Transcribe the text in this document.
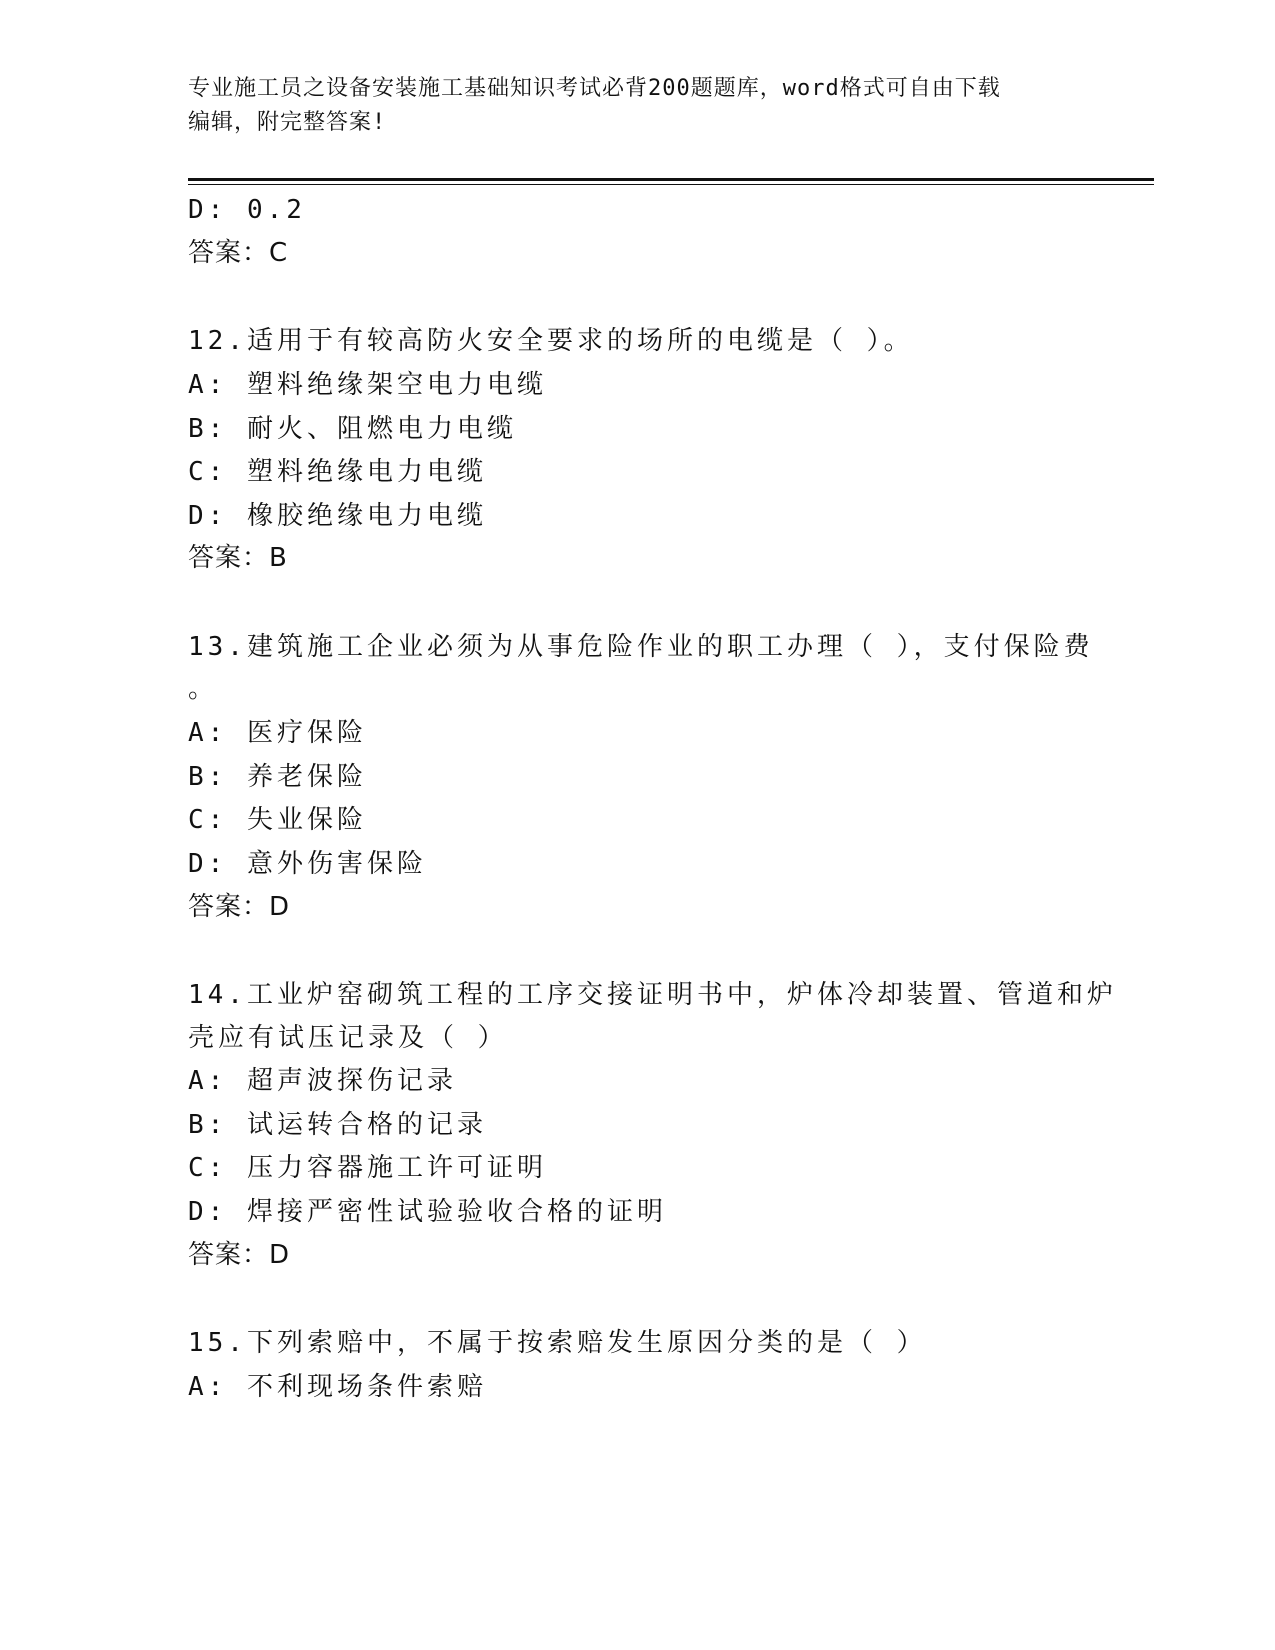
专业施工员之设备安装施工基础知识考试必背200题题库，word格式可自由下载
编辑，附完整答案!
D: 0.2
答案：C
12.适用于有较高防火安全要求的场所的电缆是（ ）。
A: 塑料绝缘架空电力电缆
B: 耐火、阻燃电力电缆
C: 塑料绝缘电力电缆
D: 橡胶绝缘电力电缆
答案：B
13.建筑施工企业必须为从事危险作业的职工办理（ ），支付保险费
。
A: 医疗保险
B: 养老保险
C: 失业保险
D: 意外伤害保险
答案：D
14.工业炉窑砌筑工程的工序交接证明书中，炉体冷却装置、管道和炉
壳应有试压记录及（ ）
A: 超声波探伤记录
B: 试运转合格的记录
C: 压力容器施工许可证明
D: 焊接严密性试验验收合格的证明
答案：D
15.下列索赔中，不属于按索赔发生原因分类的是（ ）
A: 不利现场条件索赔
